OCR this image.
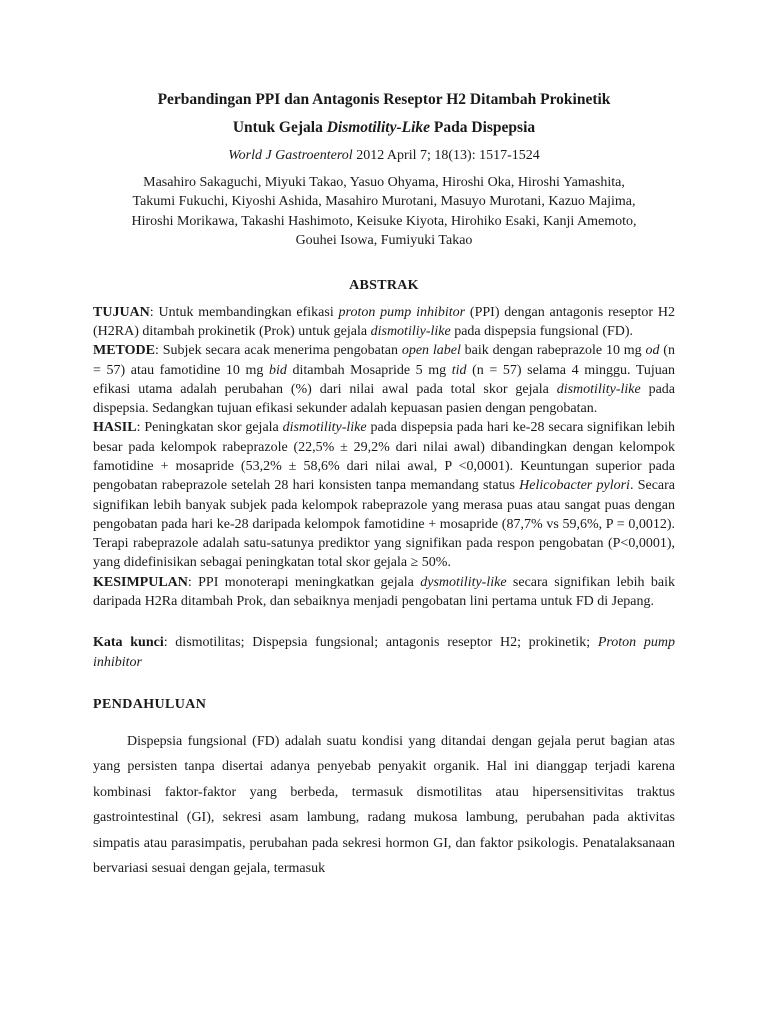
Perbandingan PPI dan Antagonis Reseptor H2 Ditambah Prokinetik

Untuk Gejala Dismotility-Like Pada Dispepsia

World J Gastroenterol 2012 April 7; 18(13): 1517-1524
Masahiro Sakaguchi, Miyuki Takao, Yasuo Ohyama, Hiroshi Oka, Hiroshi Yamashita,
Takumi Fukuchi, Kiyoshi Ashida, Masahiro Murotani, Masuyo Murotani, Kazuo Majima,
Hiroshi Morikawa, Takashi Hashimoto, Keisuke Kiyota, Hirohiko Esaki, Kanji Amemoto,
Gouhei Isowa, Fumiyuki Takao
ABSTRAK

TUJUAN: Untuk membandingkan efikasi proton pump inhibitor (PPI) dengan antagonis reseptor H2 (H2RA) ditambah prokinetik (Prok) untuk gejala dismotiliy-like pada dispepsia fungsional (FD).

METODE: Subjek secara acak menerima pengobatan open label baik dengan rabeprazole 10 mg od (n = 57) atau famotidine 10 mg bid ditambah Mosapride 5 mg tid (n = 57) selama 4 minggu. Tujuan efikasi utama adalah perubahan (%) dari nilai awal pada total skor gejala dismotility-like pada dispepsia. Sedangkan tujuan efikasi sekunder adalah kepuasan pasien dengan pengobatan.

HASIL: Peningkatan skor gejala dismotility-like pada dispepsia pada hari ke-28 secara signifikan lebih besar pada kelompok rabeprazole (22,5% ± 29,2% dari nilai awal) dibandingkan dengan kelompok famotidine + mosapride (53,2% ± 58,6% dari nilai awal, P <0,0001). Keuntungan superior pada pengobatan rabeprazole setelah 28 hari konsisten tanpa memandang status Helicobacter pylori. Secara signifikan lebih banyak subjek pada kelompok rabeprazole yang merasa puas atau sangat puas dengan pengobatan pada hari ke-28 daripada kelompok famotidine + mosapride (87,7% vs 59,6%, P = 0,0012). Terapi rabeprazole adalah satu-satunya prediktor yang signifikan pada respon pengobatan (P<0,0001), yang didefinisikan sebagai peningkatan total skor gejala ≥ 50%.

KESIMPULAN: PPI monoterapi meningkatkan gejala dysmotility-like secara signifikan lebih baik daripada H2Ra ditambah Prok, dan sebaiknya menjadi pengobatan lini pertama untuk FD di Jepang.

Kata kunci: dismotilitas; Dispepsia fungsional; antagonis reseptor H2; prokinetik; Proton pump inhibitor
PENDAHULUAN

Dispepsia fungsional (FD) adalah suatu kondisi yang ditandai dengan gejala perut bagian atas yang persisten tanpa disertai adanya penyebab penyakit organik. Hal ini dianggap terjadi karena kombinasi faktor-faktor yang berbeda, termasuk dismotilitas atau hipersensitivitas traktus gastrointestinal (GI), sekresi asam lambung, radang mukosa lambung, perubahan pada aktivitas simpatis atau parasimpatis, perubahan pada sekresi hormon GI, dan faktor psikologis. Penatalaksanaan bervariasi sesuai dengan gejala, termasuk
